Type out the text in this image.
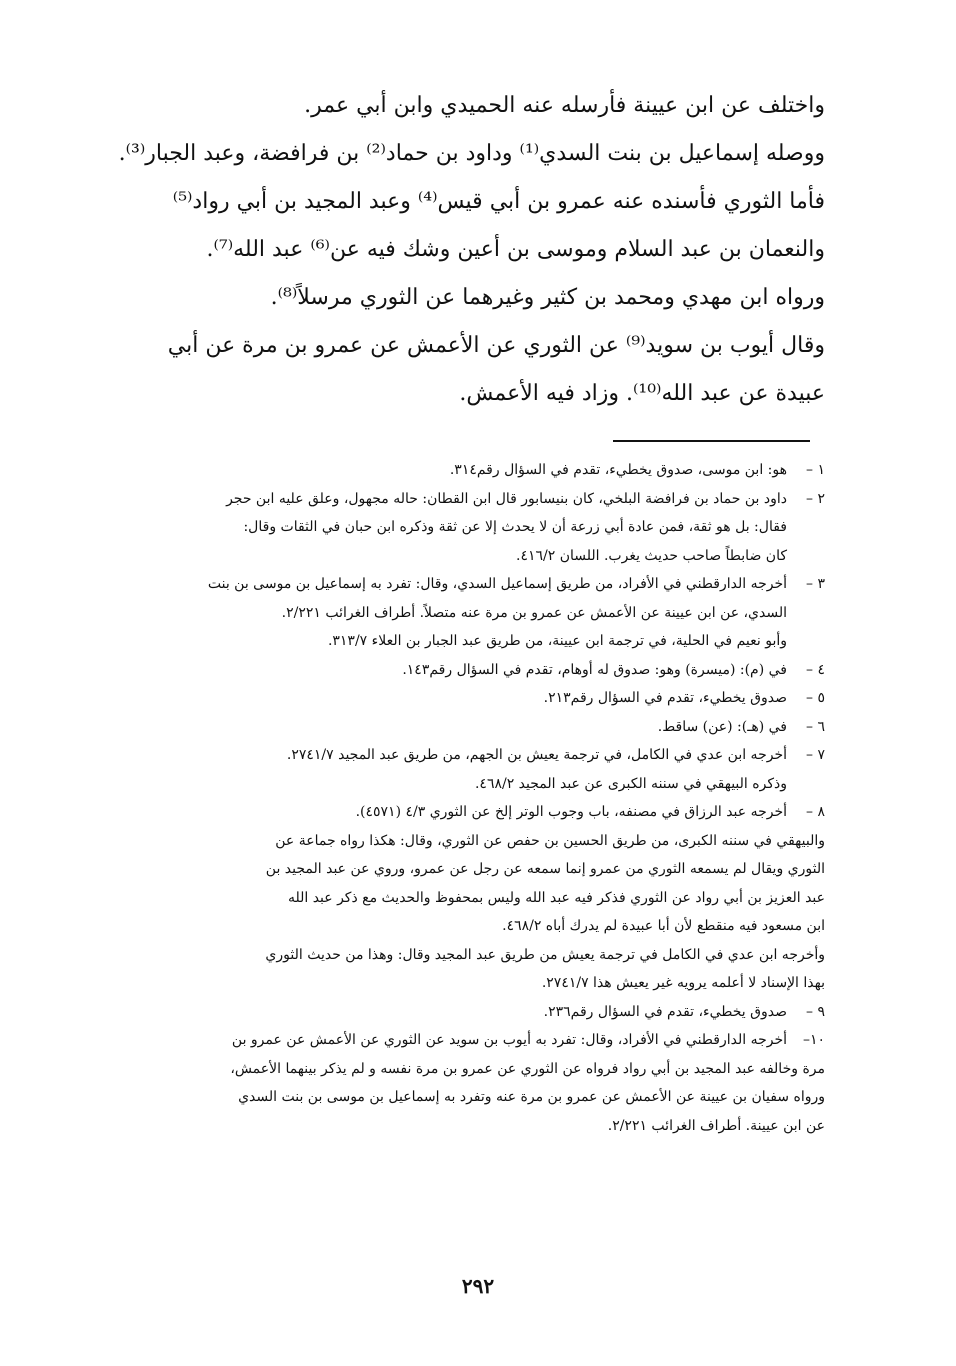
واختلف عن ابن عيينة فأرسله عنه الحميدي وابن أبي عمر.
ووصله إسماعيل بن بنت السدي⁽¹⁾ وداود بن حماد⁽²⁾ بن فرافضة، وعبد الجبار⁽³⁾.
فأما الثوري فأسنده عنه عمرو بن أبي قيس⁽⁴⁾ وعبد المجيد بن أبي رواد⁽⁵⁾
والنعمان بن عبد السلام وموسى بن أعين وشك فيه عن⁽⁶⁾ عبد الله⁽⁷⁾.
ورواه ابن مهدي ومحمد بن كثير وغيرهما عن الثوري مرسلاً⁽⁸⁾.
وقال أيوب بن سويد⁽⁹⁾ عن الثوري عن الأعمش عن عمرو بن مرة عن أبي
عبيدة عن عبد الله⁽¹⁰⁾. وزاد فيه الأعمش.
١ –
هو: ابن موسى، صدوق يخطيء، تقدم في السؤال رقم٣١٤.
٢ –
داود بن حماد بن فرافضة البلخي، كان بنيسابور قال ابن القطان: حاله مجهول، وعلق عليه ابن حجر
فقال: بل هو ثقة، فمن عادة أبي زرعة أن لا يحدث إلا عن ثقة وذكره ابن حبان في الثقات وقال:
كان ضابطاً صاحب حديث يغرب. اللسان ٤١٦/٢.
٣ –
أخرجه الدارقطني في الأفراد، من طريق إسماعيل السدي، وقال: تفرد به إسماعيل بن موسى بن بنت
السدي، عن ابن عيينة عن الأعمش عن عمرو بن مرة عنه متصلاً. أطراف الغرائب ٢/٢٢١.
وأبو نعيم في الحلية، في ترجمة ابن عيينة، من طريق عبد الجبار بن العلاء ٣١٣/٧.
٤ –
في (م): (ميسرة) وهو: صدوق له أوهام، تقدم في السؤال رقم١٤٣.
٥ –
صدوق يخطيء، تقدم في السؤال رقم٢١٣.
٦ –
في (هـ): (عن) ساقط.
٧ –
أخرجه ابن عدي في الكامل، في ترجمة يعيش بن الجهم، من طريق عبد المجيد ٢٧٤١/٧.
وذكره البيهقي في سننه الكبرى عن عبد المجيد ٤٦٨/٢.
٨ –
أخرجه عبد الرزاق في مصنفه، باب وجوب الوتر إلخ عن الثوري ٤/٣ (٤٥٧١).
والبيهقي في سننه الكبرى، من طريق الحسين بن حفص عن الثوري، وقال: هكذا رواه جماعة عن
الثوري ويقال لم يسمعه الثوري من عمرو إنما سمعه عن رجل عن عمرو، وروي عن عبد المجيد بن
عبد العزيز بن أبي رواد عن الثوري فذكر فيه عبد الله وليس بمحفوظ والحديث مع ذكر عبد الله
ابن مسعود فيه منقطع لأن أبا عبيدة لم يدرك أباه ٤٦٨/٢.
وأخرجه ابن عدي في الكامل في ترجمة يعيش من طريق عبد المجيد وقال: وهذا من حديث الثوري
بهذا الإسناد لا أعلمه يرويه غير يعيش هذا ٢٧٤١/٧.
٩ –
صدوق يخطيء، تقدم في السؤال رقم٢٣٦.
١٠–
أخرجه الدارقطني في الأفراد، وقال: تفرد به أيوب بن سويد عن الثوري عن الأعمش عن عمرو بن
مرة وخالفه عبد المجيد بن أبي رواد فرواه عن الثوري عن عمرو بن مرة نفسه و لم يذكر بينهما الأعمش،
ورواه سفيان بن عيينة عن الأعمش عن عمرو بن مرة عنه وتفرد به إسماعيل بن موسى بن بنت السدي
عن ابن عيينة. أطراف الغرائب ٢/٢٢١.
٢٩٢
